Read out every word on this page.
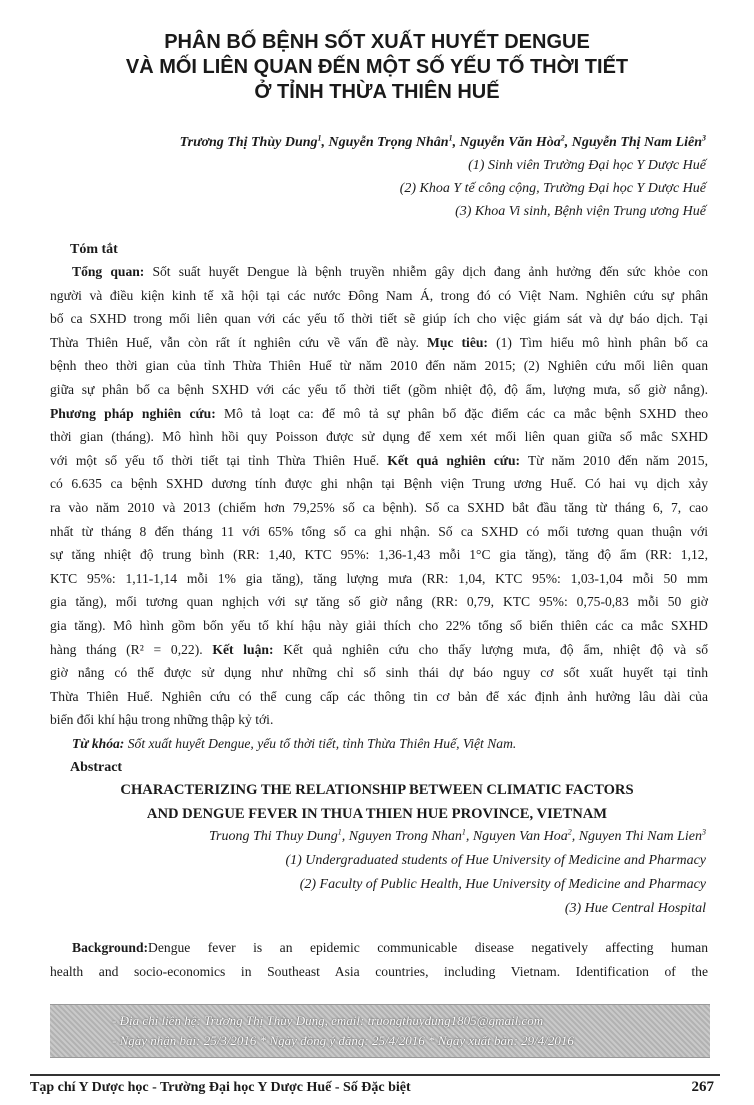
PHÂN BỐ BỆNH SỐT XUẤT HUYẾT DENGUE
VÀ MỐI LIÊN QUAN ĐẾN MỘT SỐ YẾU TỐ THỜI TIẾT
Ở TỈNH THỪA THIÊN HUẾ
Trương Thị Thùy Dung$^1$, Nguyễn Trọng Nhân$^1$, Nguyễn Văn Hòa$^2$, Nguyễn Thị Nam Liên$^3$
(1) Sinh viên Trường Đại học Y Dược Huế
(2) Khoa Y tế công cộng, Trường Đại học Y Dược Huế
(3) Khoa Vi sinh, Bệnh viện Trung ương Huế
Tóm tắt
Tổng quan: Sốt suất huyết Dengue là bệnh truyền nhiễm gây dịch đang ảnh hưởng đến sức khỏe con
người và điều kiện kinh tế xã hội tại các nước Đông Nam Á, trong đó có Việt Nam. Nghiên cứu sự phân
bố ca SXHD trong mối liên quan với các yếu tố thời tiết sẽ giúp ích cho việc giám sát và dự báo dịch. Tại
Thừa Thiên Huế, vẫn còn rất ít nghiên cứu về vấn đề này. Mục tiêu: (1) Tìm hiểu mô hình phân bố ca
bệnh theo thời gian của tỉnh Thừa Thiên Huế từ năm 2010 đến năm 2015; (2) Nghiên cứu mối liên quan
giữa sự phân bố ca bệnh SXHD với các yếu tố thời tiết (gồm nhiệt độ, độ ẩm, lượng mưa, số giờ nắng).
Phương pháp nghiên cứu: Mô tả loạt ca: để mô tả sự phân bố đặc điểm các ca mắc bệnh SXHD theo
thời gian (tháng). Mô hình hồi quy Poisson được sử dụng để xem xét mối liên quan giữa số mắc SXHD
với một số yếu tố thời tiết tại tỉnh Thừa Thiên Huế. Kết quả nghiên cứu: Từ năm 2010 đến năm 2015,
có 6.635 ca bệnh SXHD dương tính được ghi nhận tại Bệnh viện Trung ương Huế. Có hai vụ dịch xảy
ra vào năm 2010 và 2013 (chiếm hơn 79,25% số ca bệnh). Số ca SXHD bắt đầu tăng từ tháng 6, 7, cao
nhất từ tháng 8 đến tháng 11 với 65% tổng số ca ghi nhận. Số ca SXHD có mối tương quan thuận với
sự tăng nhiệt độ trung bình (RR: 1,40, KTC 95%: 1,36-1,43 mỗi 1°C gia tăng), tăng độ ẩm (RR: 1,12,
KTC 95%: 1,11-1,14 mỗi 1% gia tăng), tăng lượng mưa (RR: 1,04, KTC 95%: 1,03-1,04 mỗi 50 mm
gia tăng), mối tương quan nghịch với sự tăng số giờ nắng (RR: 0,79, KTC 95%: 0,75-0,83 mỗi 50 giờ
gia tăng). Mô hình gồm bốn yếu tố khí hậu này giải thích cho 22% tổng số biến thiên các ca mắc SXHD
hàng tháng (R² = 0,22). Kết luận: Kết quả nghiên cứu cho thấy lượng mưa, độ ẩm, nhiệt độ và số
giờ nắng có thể được sử dụng như những chỉ số sinh thái dự báo nguy cơ sốt xuất huyết tại tỉnh
Thừa Thiên Huế. Nghiên cứu có thể cung cấp các thông tin cơ bản để xác định ảnh hưởng lâu dài của
biến đổi khí hậu trong những thập kỷ tới.
Từ khóa: Sốt xuất huyết Dengue, yếu tố thời tiết, tỉnh Thừa Thiên Huế, Việt Nam.
Abstract
CHARACTERIZING THE RELATIONSHIP BETWEEN CLIMATIC FACTORS
AND DENGUE FEVER IN THUA THIEN HUE PROVINCE, VIETNAM
Truong Thi Thuy Dung$^1$, Nguyen Trong Nhan$^1$, Nguyen Van Hoa$^2$, Nguyen Thi Nam Lien$^3$
(1) Undergraduated students of Hue University of Medicine and Pharmacy
(2) Faculty of Public Health, Hue University of Medicine and Pharmacy
(3) Hue Central Hospital
Background:Dengue fever is an epidemic communicable disease negatively affecting human
health and socio-economics in Southeast Asia countries, including Vietnam. Identification of the
- Địa chỉ liên hệ: Trương Thị Thùy Dung, email: truongthuydung1805@gmail.com
- Ngày nhận bài: 25/3/2016 * Ngày đồng ý đăng: 25/4/2016 * Ngày xuất bản: 29/4/2016
Tạp chí Y Dược học - Trường Đại học Y Dược Huế - Số Đặc biệt	267
